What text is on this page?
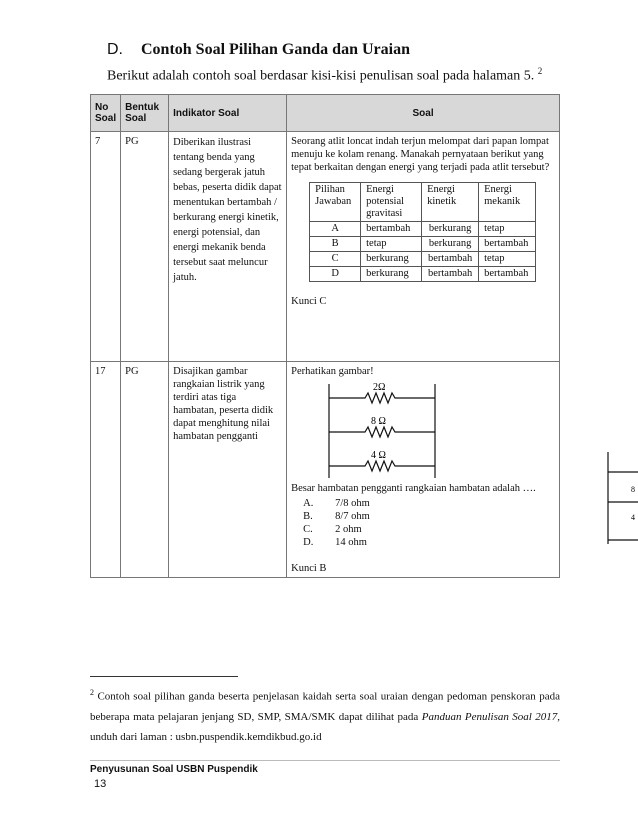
D. Contoh Soal Pilihan Ganda dan Uraian
Berikut adalah contoh soal berdasar kisi-kisi penulisan soal pada halaman 5. $^2$
No Soal	Bentuk Soal	Indikator Soal	Soal
7	PG	Diberikan ilustrasi tentang benda yang sedang bergerak jatuh bebas, peserta didik dapat menentukan bertambah / berkurang energi kinetik, energi potensial, dan energi mekanik benda tersebut saat meluncur jatuh.	
Seorang atlit loncat indah terjun melompat dari papan lompat menuju ke kolam renang. Manakah pernyataan berikut yang tepat berkaitan dengan energi yang terjadi pada atlit tersebut?
Pilihan Jawaban	Energi potensial gravitasi	Energi kinetik	Energi mekanik
A	bertambah	berkurang	tetap
B	tetap	berkurang	bertambah
C	berkurang	bertambah	tetap
D	berkurang	bertambah	bertambah
Kunci C

17	PG	Disajikan gambar rangkaian listrik yang terdiri atas tiga hambatan, peserta didik dapat menghitung nilai hambatan pengganti	
Perhatikan gambar!
2Ω
8 Ω
4 Ω
Besar hambatan pengganti rangkaian hambatan adalah ….
A.	7/8 ohm
B.	8/7 ohm
C.	2 ohm
D.	14 ohm
Kunci B
8
4
$^2$ Contoh soal pilihan ganda beserta penjelasan kaidah serta soal uraian dengan pedoman penskoran pada beberapa mata pelajaran jenjang SD, SMP, SMA/SMK dapat dilihat pada Panduan Penulisan Soal 2017, unduh dari laman : usbn.puspendik.kemdikbud.go.id
Penyusunan Soal USBN Puspendik
13
